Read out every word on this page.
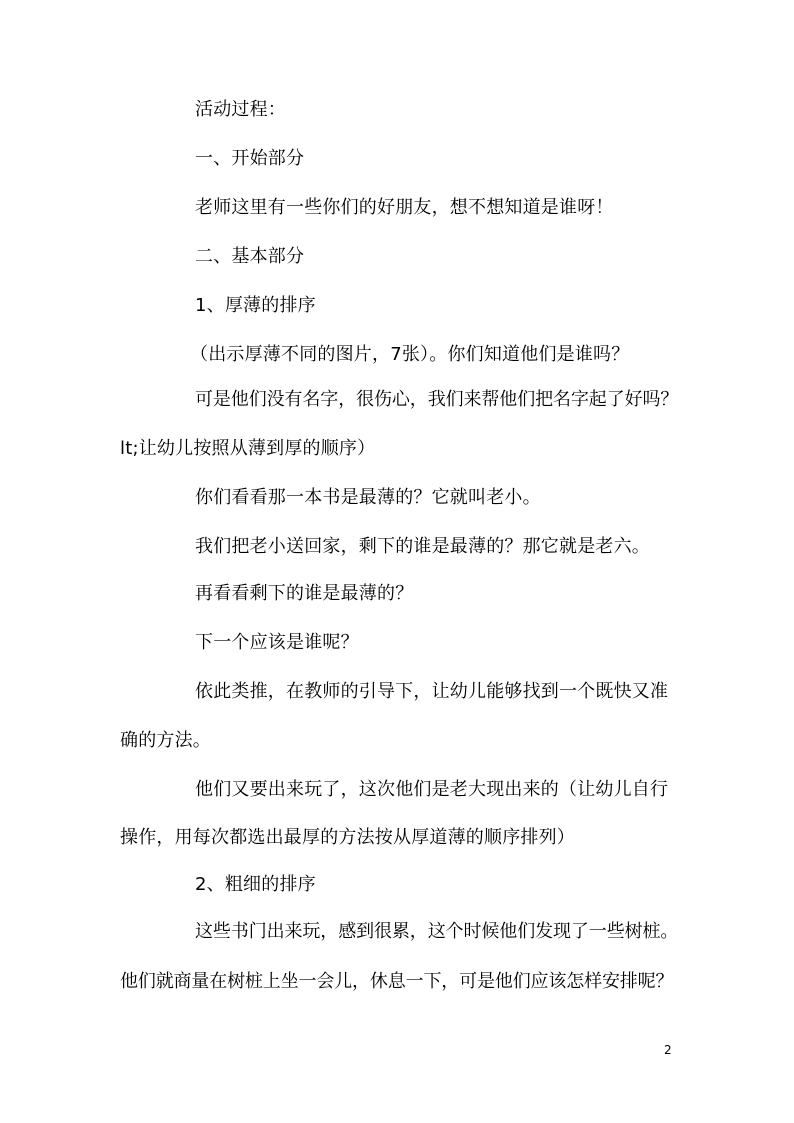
活动过程：
一、开始部分
老师这里有一些你们的好朋友，想不想知道是谁呀！
二、基本部分
1、厚薄的排序
（出示厚薄不同的图片，7张）。你们知道他们是谁吗？
可是他们没有名字，很伤心，我们来帮他们把名字起了好吗？
lt;让幼儿按照从薄到厚的顺序）
你们看看那一本书是最薄的？它就叫老小。
我们把老小送回家，剩下的谁是最薄的？那它就是老六。
再看看剩下的谁是最薄的？
下一个应该是谁呢？
依此类推，在教师的引导下，让幼儿能够找到一个既快又准
确的方法。
他们又要出来玩了，这次他们是老大现出来的（让幼儿自行
操作，用每次都选出最厚的方法按从厚道薄的顺序排列）
2、粗细的排序
这些书门出来玩，感到很累，这个时候他们发现了一些树桩。
他们就商量在树桩上坐一会儿，休息一下，可是他们应该怎样安排呢？
2
